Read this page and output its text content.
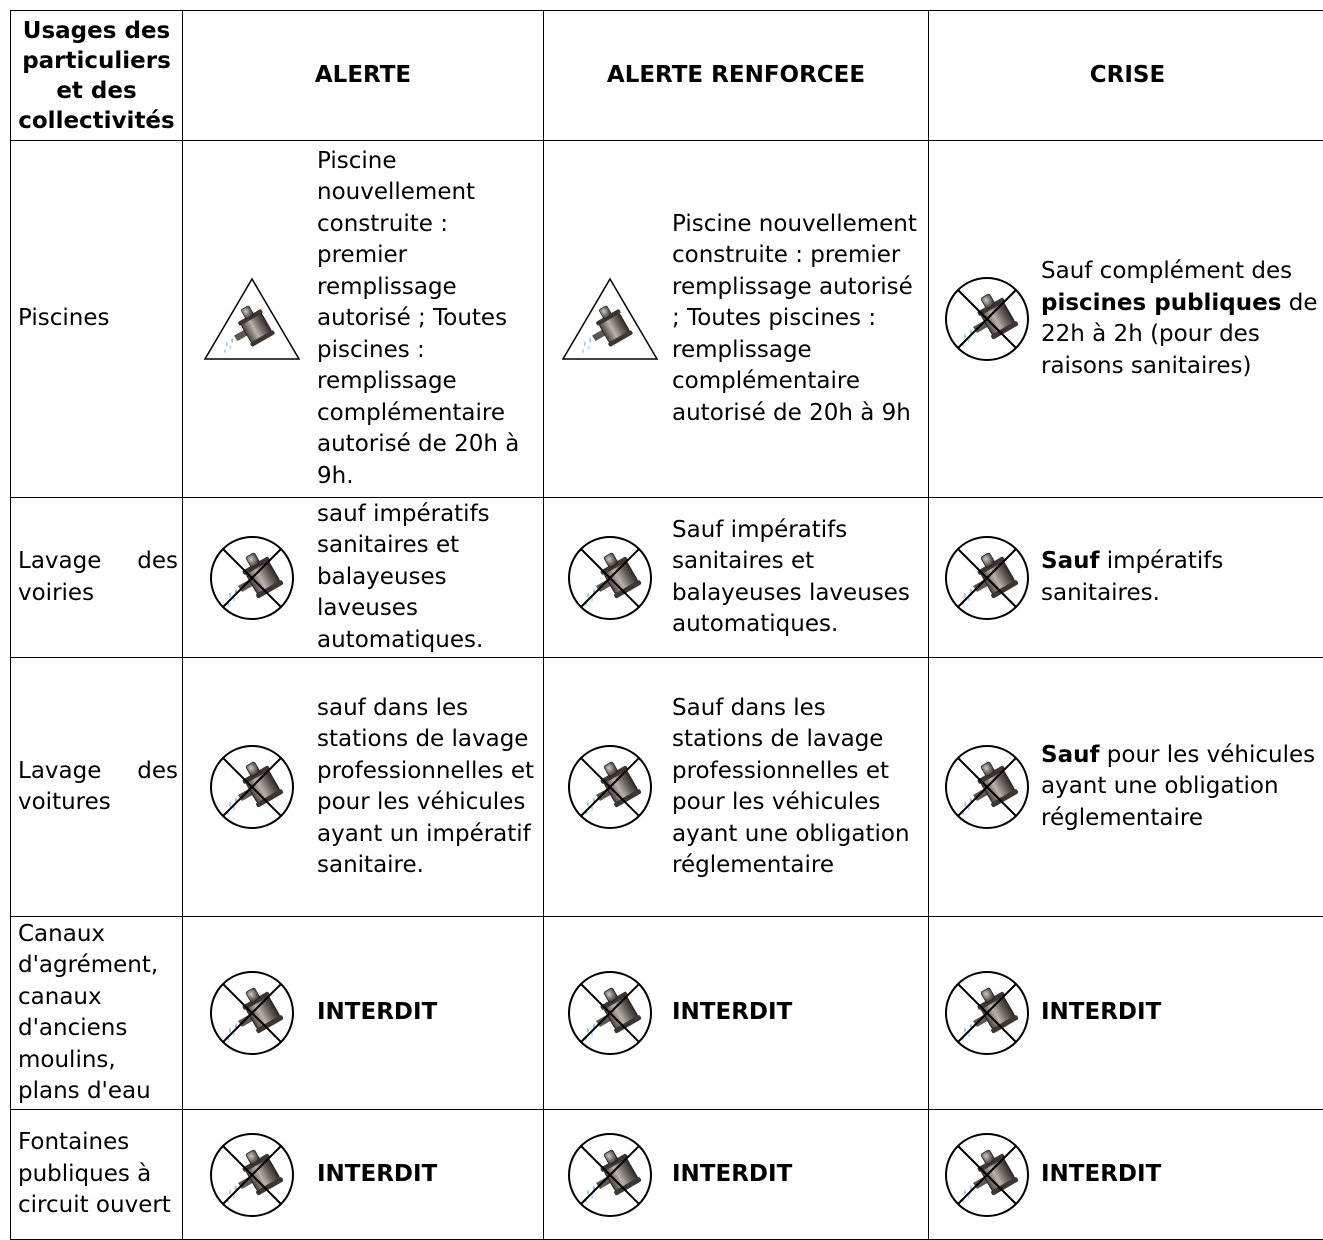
Usages des particuliers et des collectivités	ALERTE	ALERTE RENFORCEE	CRISE
Piscines	Piscine nouvellement construite : premier remplissage autorisé ; Toutes piscines : remplissage complémentaire autorisé de 20h à 9h.	Piscine nouvellement construite : premier remplissage autorisé ; Toutes piscines : remplissage complémentaire autorisé de 20h à 9h	Sauf complément des piscines publiques de 22h à 2h (pour des raisons sanitaires)

Lavage des voiries	sauf impératifs sanitaires et balayeuses laveuses automatiques.	Sauf impératifs sanitaires et balayeuses laveuses automatiques.	Sauf impératifs sanitaires.

Lavage des voitures	sauf dans les stations de lavage professionnelles et pour les véhicules ayant un impératif sanitaire.	Sauf dans les stations de lavage professionnelles et pour les véhicules ayant une obligation réglementaire	Sauf pour les véhicules ayant une obligation réglementaire

Canaux d'agrément, canaux d'anciens moulins, plans d'eau	INTERDIT	INTERDIT	INTERDIT

Fontaines publiques à circuit ouvert	INTERDIT	INTERDIT	INTERDIT
